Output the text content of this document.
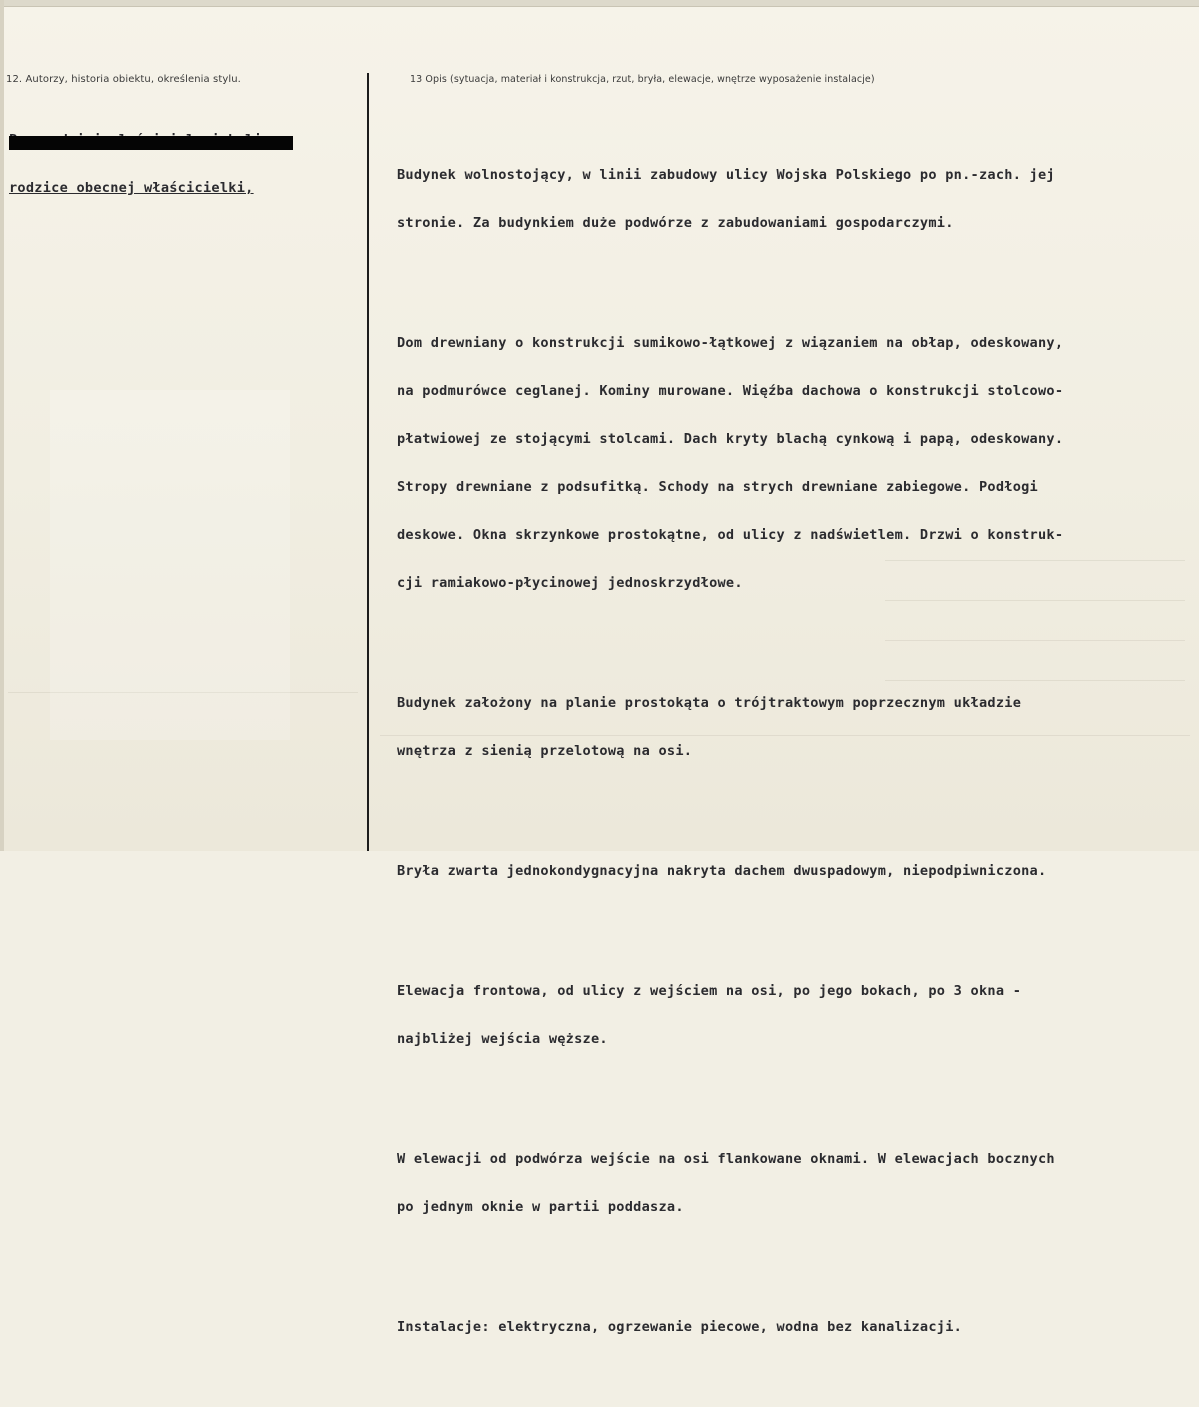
12. Autorzy, historia obiektu, określenia stylu.	13 Opis (sytuacja, materiał i konstrukcja, rzut, bryła, elewacje, wnętrze wyposażenie instalacje)

rodzice obecnej właścicielki,

Budynek wolnostojący, w linii zabudowy ulicy Wojska Polskiego po pn.-zach. jej

stronie. Za budynkiem duże podwórze z zabudowaniami gospodarczymi.

Dom drewniany o konstrukcji sumikowo-łątkowej z wiązaniem na obłap, odeskowany,

na podmurówce ceglanej. Kominy murowane. Więźba dachowa o konstrukcji stolcowo-

płatwiowej ze stojącymi stolcami. Dach kryty blachą cynkową i papą, odeskowany.

Stropy drewniane z podsufitką. Schody na strych drewniane zabiegowe. Podłogi

deskowe. Okna skrzynkowe prostokątne, od ulicy z nadświetlem. Drzwi o konstruk-

cji ramiakowo-płycinowej jednoskrzydłowe.

Budynek założony na planie prostokąta o trójtraktowym poprzecznym układzie

wnętrza z sienią przelotową na osi.

Bryła zwarta jednokondygnacyjna nakryta dachem dwuspadowym, niepodpiwniczona.

Elewacja frontowa, od ulicy z wejściem na osi, po jego bokach, po 3 okna -

najbliżej wejścia węższe.

W elewacji od podwórza wejście na osi flankowane oknami. W elewacjach bocznych

po jednym oknie w partii poddasza.

Instalacje: elektryczna, ogrzewanie piecowe, wodna bez kanalizacji.
